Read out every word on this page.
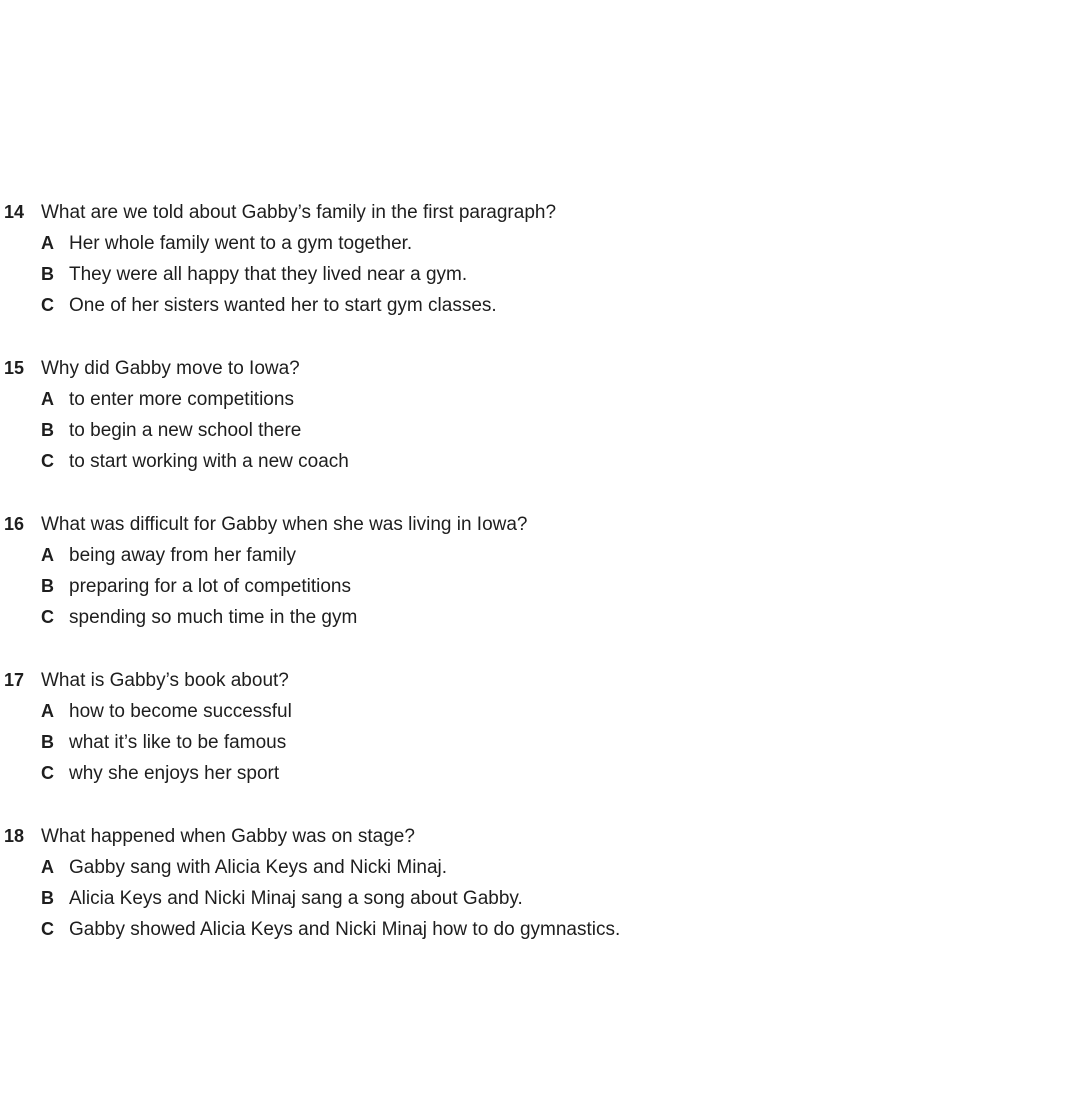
14 What are we told about Gabby’s family in the first paragraph?
A Her whole family went to a gym together.
B They were all happy that they lived near a gym.
C One of her sisters wanted her to start gym classes.
15 Why did Gabby move to Iowa?
A to enter more competitions
B to begin a new school there
C to start working with a new coach
16 What was difficult for Gabby when she was living in Iowa?
A being away from her family
B preparing for a lot of competitions
C spending so much time in the gym
17 What is Gabby’s book about?
A how to become successful
B what it’s like to be famous
C why she enjoys her sport
18 What happened when Gabby was on stage?
A Gabby sang with Alicia Keys and Nicki Minaj.
B Alicia Keys and Nicki Minaj sang a song about Gabby.
C Gabby showed Alicia Keys and Nicki Minaj how to do gymnastics.
